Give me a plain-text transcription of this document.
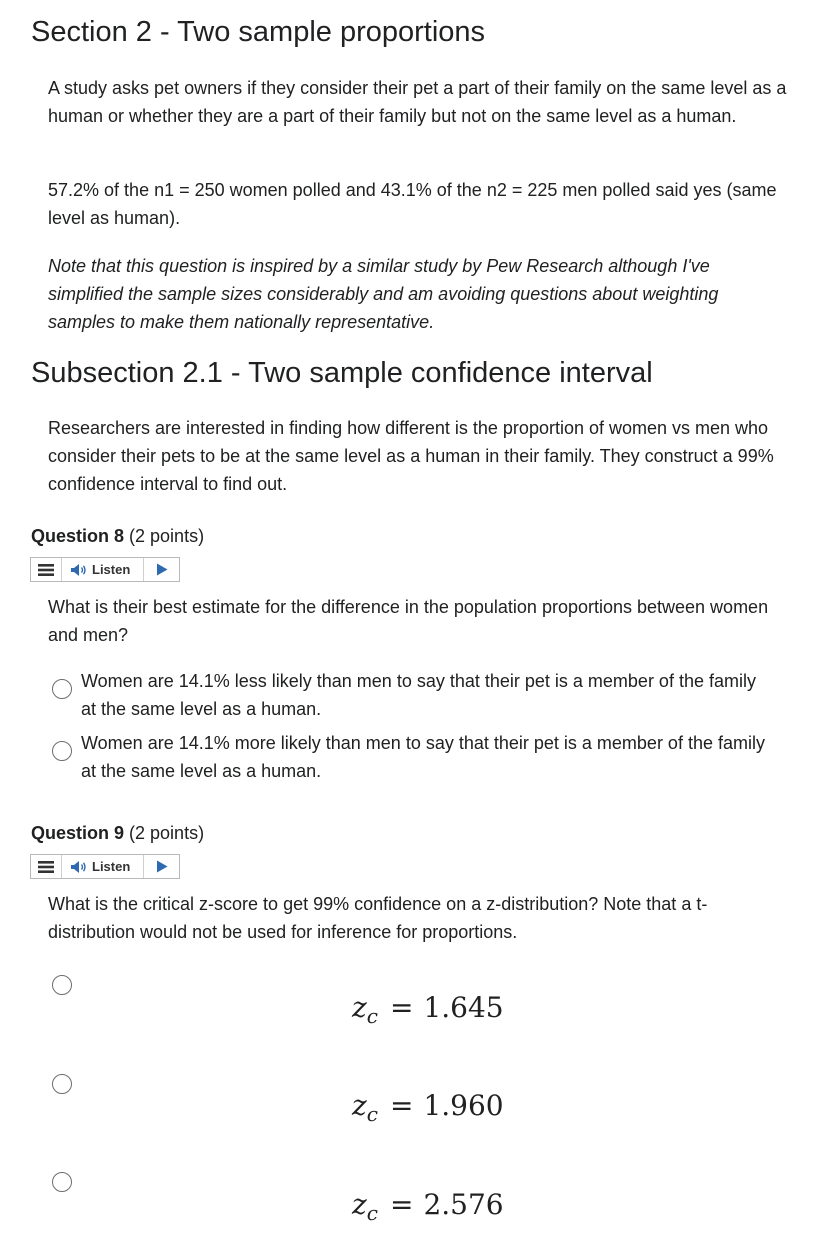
Section 2 - Two sample proportions

A study asks pet owners if they consider their pet a part of their family on the same level as a human or whether they are a part of their family but not on the same level as a human.

57.2% of the n1 = 250 women polled and 43.1% of the n2 = 225 men polled said yes (same level as human).

Note that this question is inspired by a similar study by Pew Research although I've simplified the sample sizes considerably and am avoiding questions about weighting samples to make them nationally representative.

Subsection 2.1 - Two sample confidence interval

Researchers are interested in finding how different is the proportion of women vs men who consider their pets to be at the same level as a human in their family. They construct a 99% confidence interval to find out.

Question 8 (2 points)
Listen

What is their best estimate for the difference in the population proportions between women and men?

Women are 14.1% less likely than men to say that their pet is a member of the family at the same level as a human.
Women are 14.1% more likely than men to say that their pet is a member of the family at the same level as a human.
Question 9 (2 points)
Listen

What is the critical z-score to get 99% confidence on a z-distribution? Note that a t-distribution would not be used for inference for proportions.

$z_c = 1.645$
$z_c = 1.960$
$z_c = 2.576$
